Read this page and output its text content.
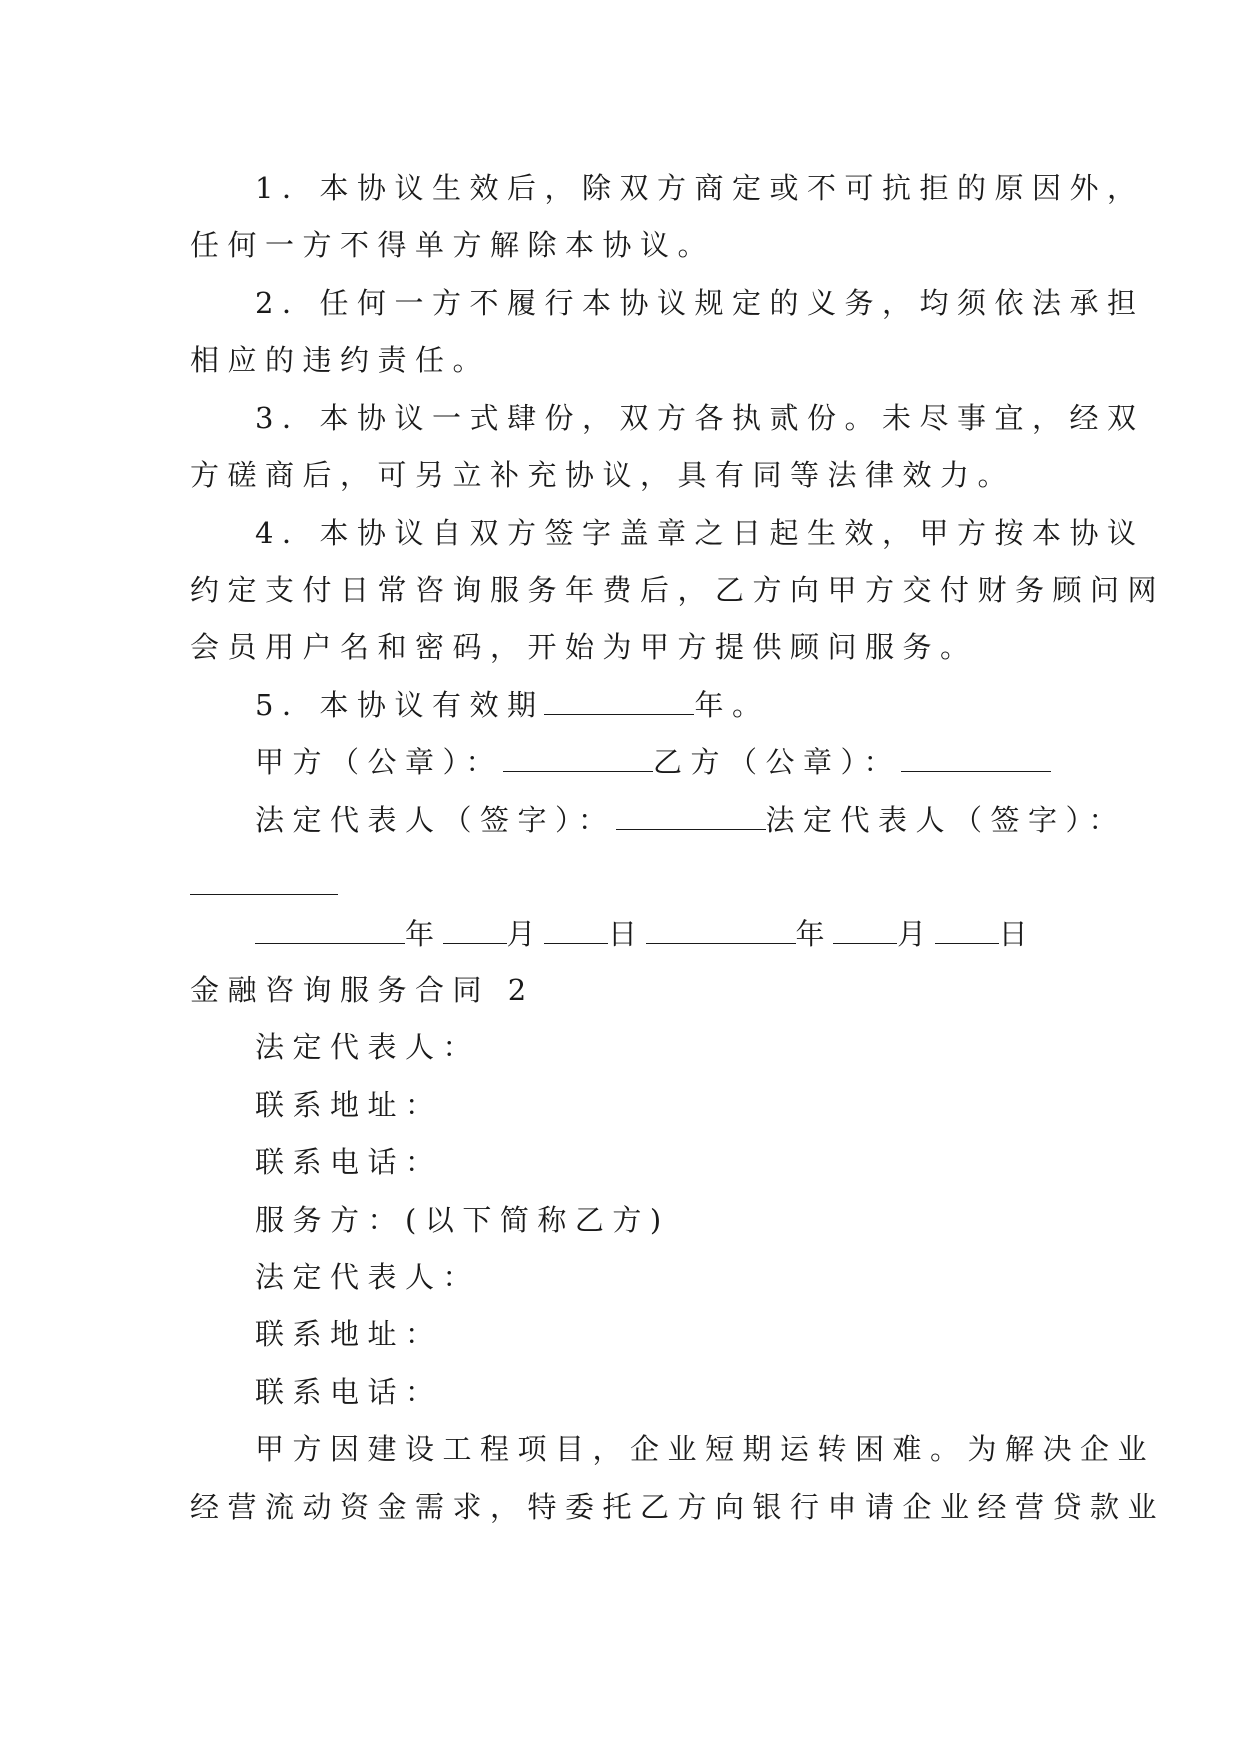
1．本协议生效后，除双方商定或不可抗拒的原因外，
任何一方不得单方解除本协议。
2．任何一方不履行本协议规定的义务，均须依法承担
相应的违约责任。
3．本协议一式肆份，双方各执贰份。未尽事宜，经双
方磋商后，可另立补充协议，具有同等法律效力。
4．本协议自双方签字盖章之日起生效，甲方按本协议
约定支付日常咨询服务年费后，乙方向甲方交付财务顾问网
会员用户名和密码，开始为甲方提供顾问服务。
5．本协议有效期	年。
甲方（公章）：	乙方（公章）：
法定代表人（签字）：	法定代表人（签字）：
年 月 日	年 月 日
金融咨询服务合同 2
法定代表人：
联系地址：
联系电话：
服务方：(以下简称乙方)
法定代表人：
联系地址：
联系电话：
甲方因建设工程项目，企业短期运转困难。为解决企业
经营流动资金需求，特委托乙方向银行申请企业经营贷款业
